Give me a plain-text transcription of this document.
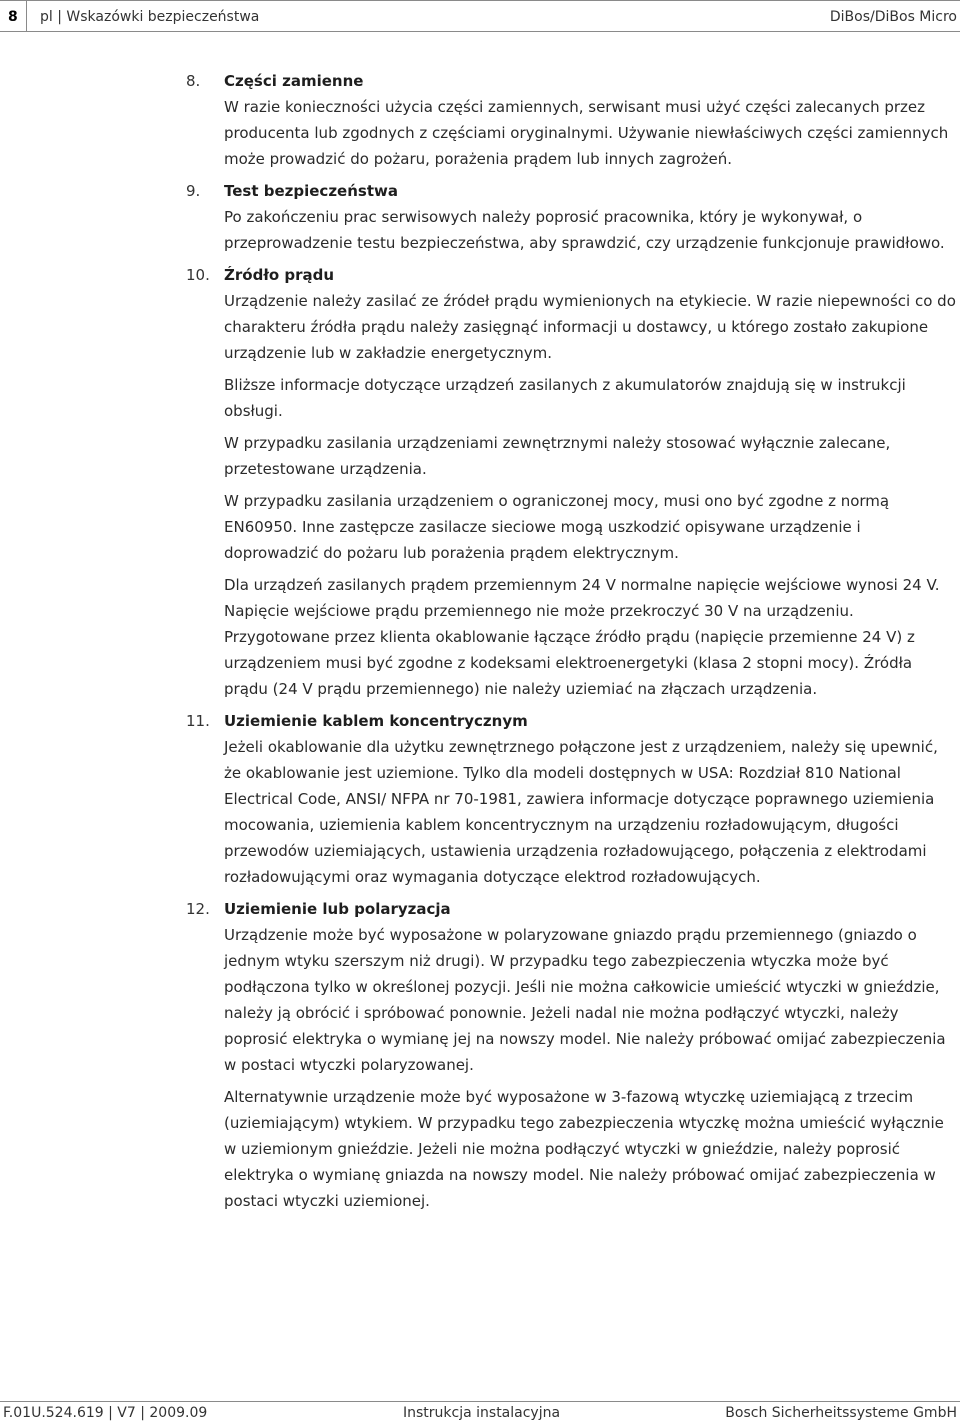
8 pl | Wskazówki bezpieczeństwa	DiBos/DiBos Micro
8.	Części zamienne

W razie konieczności użycia części zamiennych, serwisant musi użyć części zalecanych przez producenta lub zgodnych z częściami oryginalnymi. Używanie niewłaściwych części zamiennych może prowadzić do pożaru, porażenia prądem lub innych zagrożeń.

9.	Test bezpieczeństwa

Po zakończeniu prac serwisowych należy poprosić pracownika, który je wykonywał, o przeprowadzenie testu bezpieczeństwa, aby sprawdzić, czy urządzenie funkcjonuje prawidłowo.

10. Źródło prądu

Urządzenie należy zasilać ze źródeł prądu wymienionych na etykiecie. W razie niepewności co do charakteru źródła prądu należy zasięgnąć informacji u dostawcy, u którego zostało zakupione urządzenie lub w zakładzie energetycznym.

Bliższe informacje dotyczące urządzeń zasilanych z akumulatorów znajdują się w instrukcji obsługi.

W przypadku zasilania urządzeniami zewnętrznymi należy stosować wyłącznie zalecane, przetestowane urządzenia.

W przypadku zasilania urządzeniem o ograniczonej mocy, musi ono być zgodne z normą EN60950. Inne zastępcze zasilacze sieciowe mogą uszkodzić opisywane urządzenie i doprowadzić do pożaru lub porażenia prądem elektrycznym.

Dla urządzeń zasilanych prądem przemiennym 24 V normalne napięcie wejściowe wynosi 24 V. Napięcie wejściowe prądu przemiennego nie może przekroczyć 30 V na urządzeniu. Przygotowane przez klienta okablowanie łączące źródło prądu (napięcie przemienne 24 V) z urządzeniem musi być zgodne z kodeksami elektroenergetyki (klasa 2 stopni mocy). Źródła prądu (24 V prądu przemiennego) nie należy uziemiać na złączach urządzenia.

11. Uziemienie kablem koncentrycznym

Jeżeli okablowanie dla użytku zewnętrznego połączone jest z urządzeniem, należy się upewnić, że okablowanie jest uziemione. Tylko dla modeli dostępnych w USA: Rozdział 810 National Electrical Code, ANSI/ NFPA nr 70-1981, zawiera informacje dotyczące poprawnego uziemienia mocowania, uziemienia kablem koncentrycznym na urządzeniu rozładowującym, długości przewodów uziemiających, ustawienia urządzenia rozładowującego, połączenia z elektrodami rozładowującymi oraz wymagania dotyczące elektrod rozładowujących.

12. Uziemienie lub polaryzacja

Urządzenie może być wyposażone w polaryzowane gniazdo prądu przemiennego (gniazdo o jednym wtyku szerszym niż drugi). W przypadku tego zabezpieczenia wtyczka może być podłączona tylko w określonej pozycji. Jeśli nie można całkowicie umieścić wtyczki w gnieździe, należy ją obrócić i spróbować ponownie. Jeżeli nadal nie można podłączyć wtyczki, należy poprosić elektryka o wymianę jej na nowszy model. Nie należy próbować omijać zabezpieczenia w postaci wtyczki polaryzowanej.

Alternatywnie urządzenie może być wyposażone w 3-fazową wtyczkę uziemiającą z trzecim (uziemiającym) wtykiem. W przypadku tego zabezpieczenia wtyczkę można umieścić wyłącznie w uziemionym gnieździe. Jeżeli nie można podłączyć wtyczki w gnieździe, należy poprosić elektryka o wymianę gniazda na nowszy model. Nie należy próbować omijać zabezpieczenia w postaci wtyczki uziemionej.

F.01U.524.619 | V7 | 2009.09	Instrukcja instalacyjna	Bosch Sicherheitssysteme GmbH
